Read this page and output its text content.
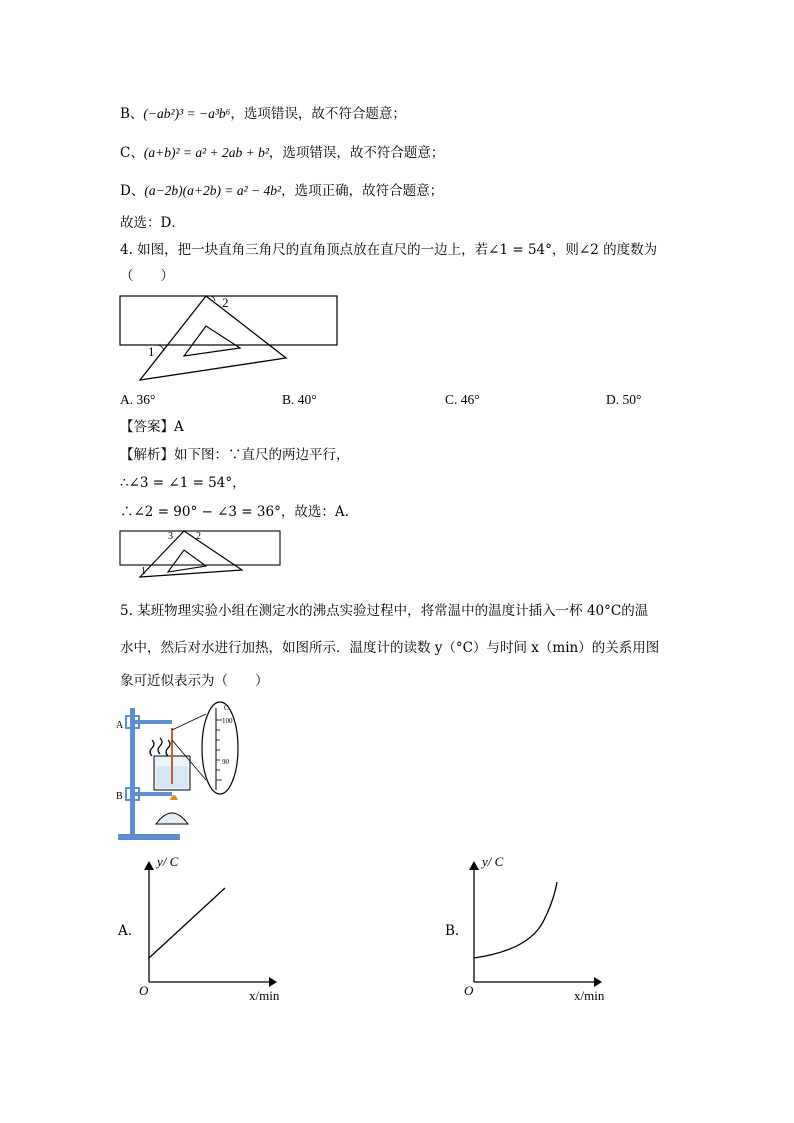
B、(−ab²)³ = −a³b⁶，选项错误，故不符合题意；
C、(a+b)² = a² + 2ab + b²，选项错误，故不符合题意；
D、(a−2b)(a+2b) = a² − 4b²，选项正确，故符合题意；
故选：D．
4. 如图，把一块直角三角尺的直角顶点放在直尺的一边上，若∠1 = 54°，则∠2 的度数为
（　　）
1
2
A. 36°	B. 40°	C. 46°	D. 50°
【答案】A
【解析】如下图：∵直尺的两边平行，
∴∠3 = ∠1 = 54°，
∴∠2 = 90° − ∠3 = 36°，故选：A.
1
3 2
5. 某班物理实验小组在测定水的沸点实验过程中，将常温中的温度计插入一杯 40°C的温
水中，然后对水进行加热，如图所示．温度计的读数 y（°C）与时间 x（min）的关系用图
象可近似表示为（　　）
A
B
C
100
90
A.
y/ C
x/min
O
B.
y/ C
x/min
O
